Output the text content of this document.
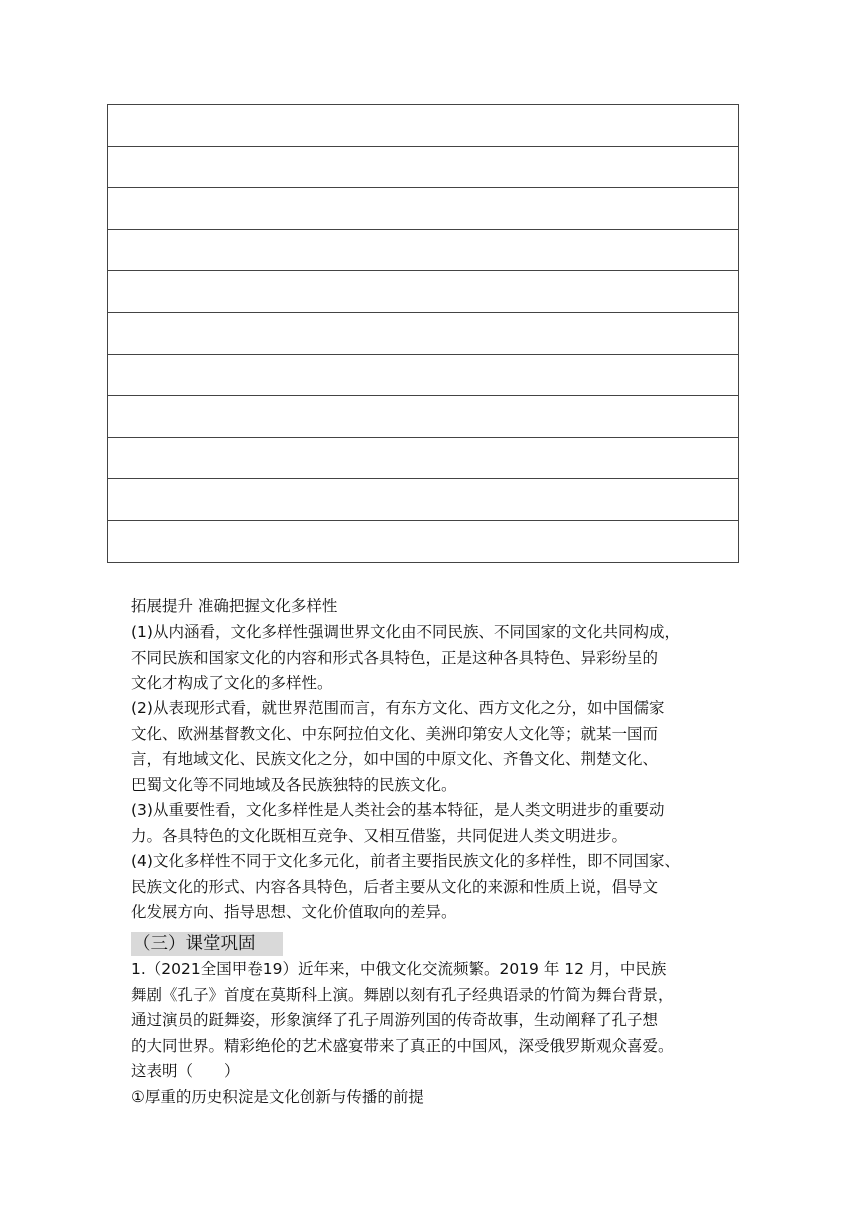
拓展提升 准确把握文化多样性

(1)从内涵看，文化多样性强调世界文化由不同民族、不同国家的文化共同构成，
不同民族和国家文化的内容和形式各具特色，正是这种各具特色、异彩纷呈的
文化才构成了文化的多样性。
(2)从表现形式看，就世界范围而言，有东方文化、西方文化之分，如中国儒家
文化、欧洲基督教文化、中东阿拉伯文化、美洲印第安人文化等；就某一国而
言，有地域文化、民族文化之分，如中国的中原文化、齐鲁文化、荆楚文化、
巴蜀文化等不同地域及各民族独特的民族文化。
(3)从重要性看，文化多样性是人类社会的基本特征，是人类文明进步的重要动
力。各具特色的文化既相互竞争、又相互借鉴，共同促进人类文明进步。
(4)文化多样性不同于文化多元化，前者主要指民族文化的多样性，即不同国家、
民族文化的形式、内容各具特色，后者主要从文化的来源和性质上说，倡导文
化发展方向、指导思想、文化价值取向的差异。
（三）课堂巩固
1.（2021全国甲卷19）近年来，中俄文化交流频繁。2019 年 12 月，中民族
舞剧《孔子》首度在莫斯科上演。舞剧以刻有孔子经典语录的竹简为舞台背景，
通过演员的跹舞姿，形象演绎了孔子周游列国的传奇故事，生动阐释了孔子想
的大同世界。精彩绝伦的艺术盛宴带来了真正的中国风，深受俄罗斯观众喜爱。
这表明（　　）

①厚重的历史积淀是文化创新与传播的前提
